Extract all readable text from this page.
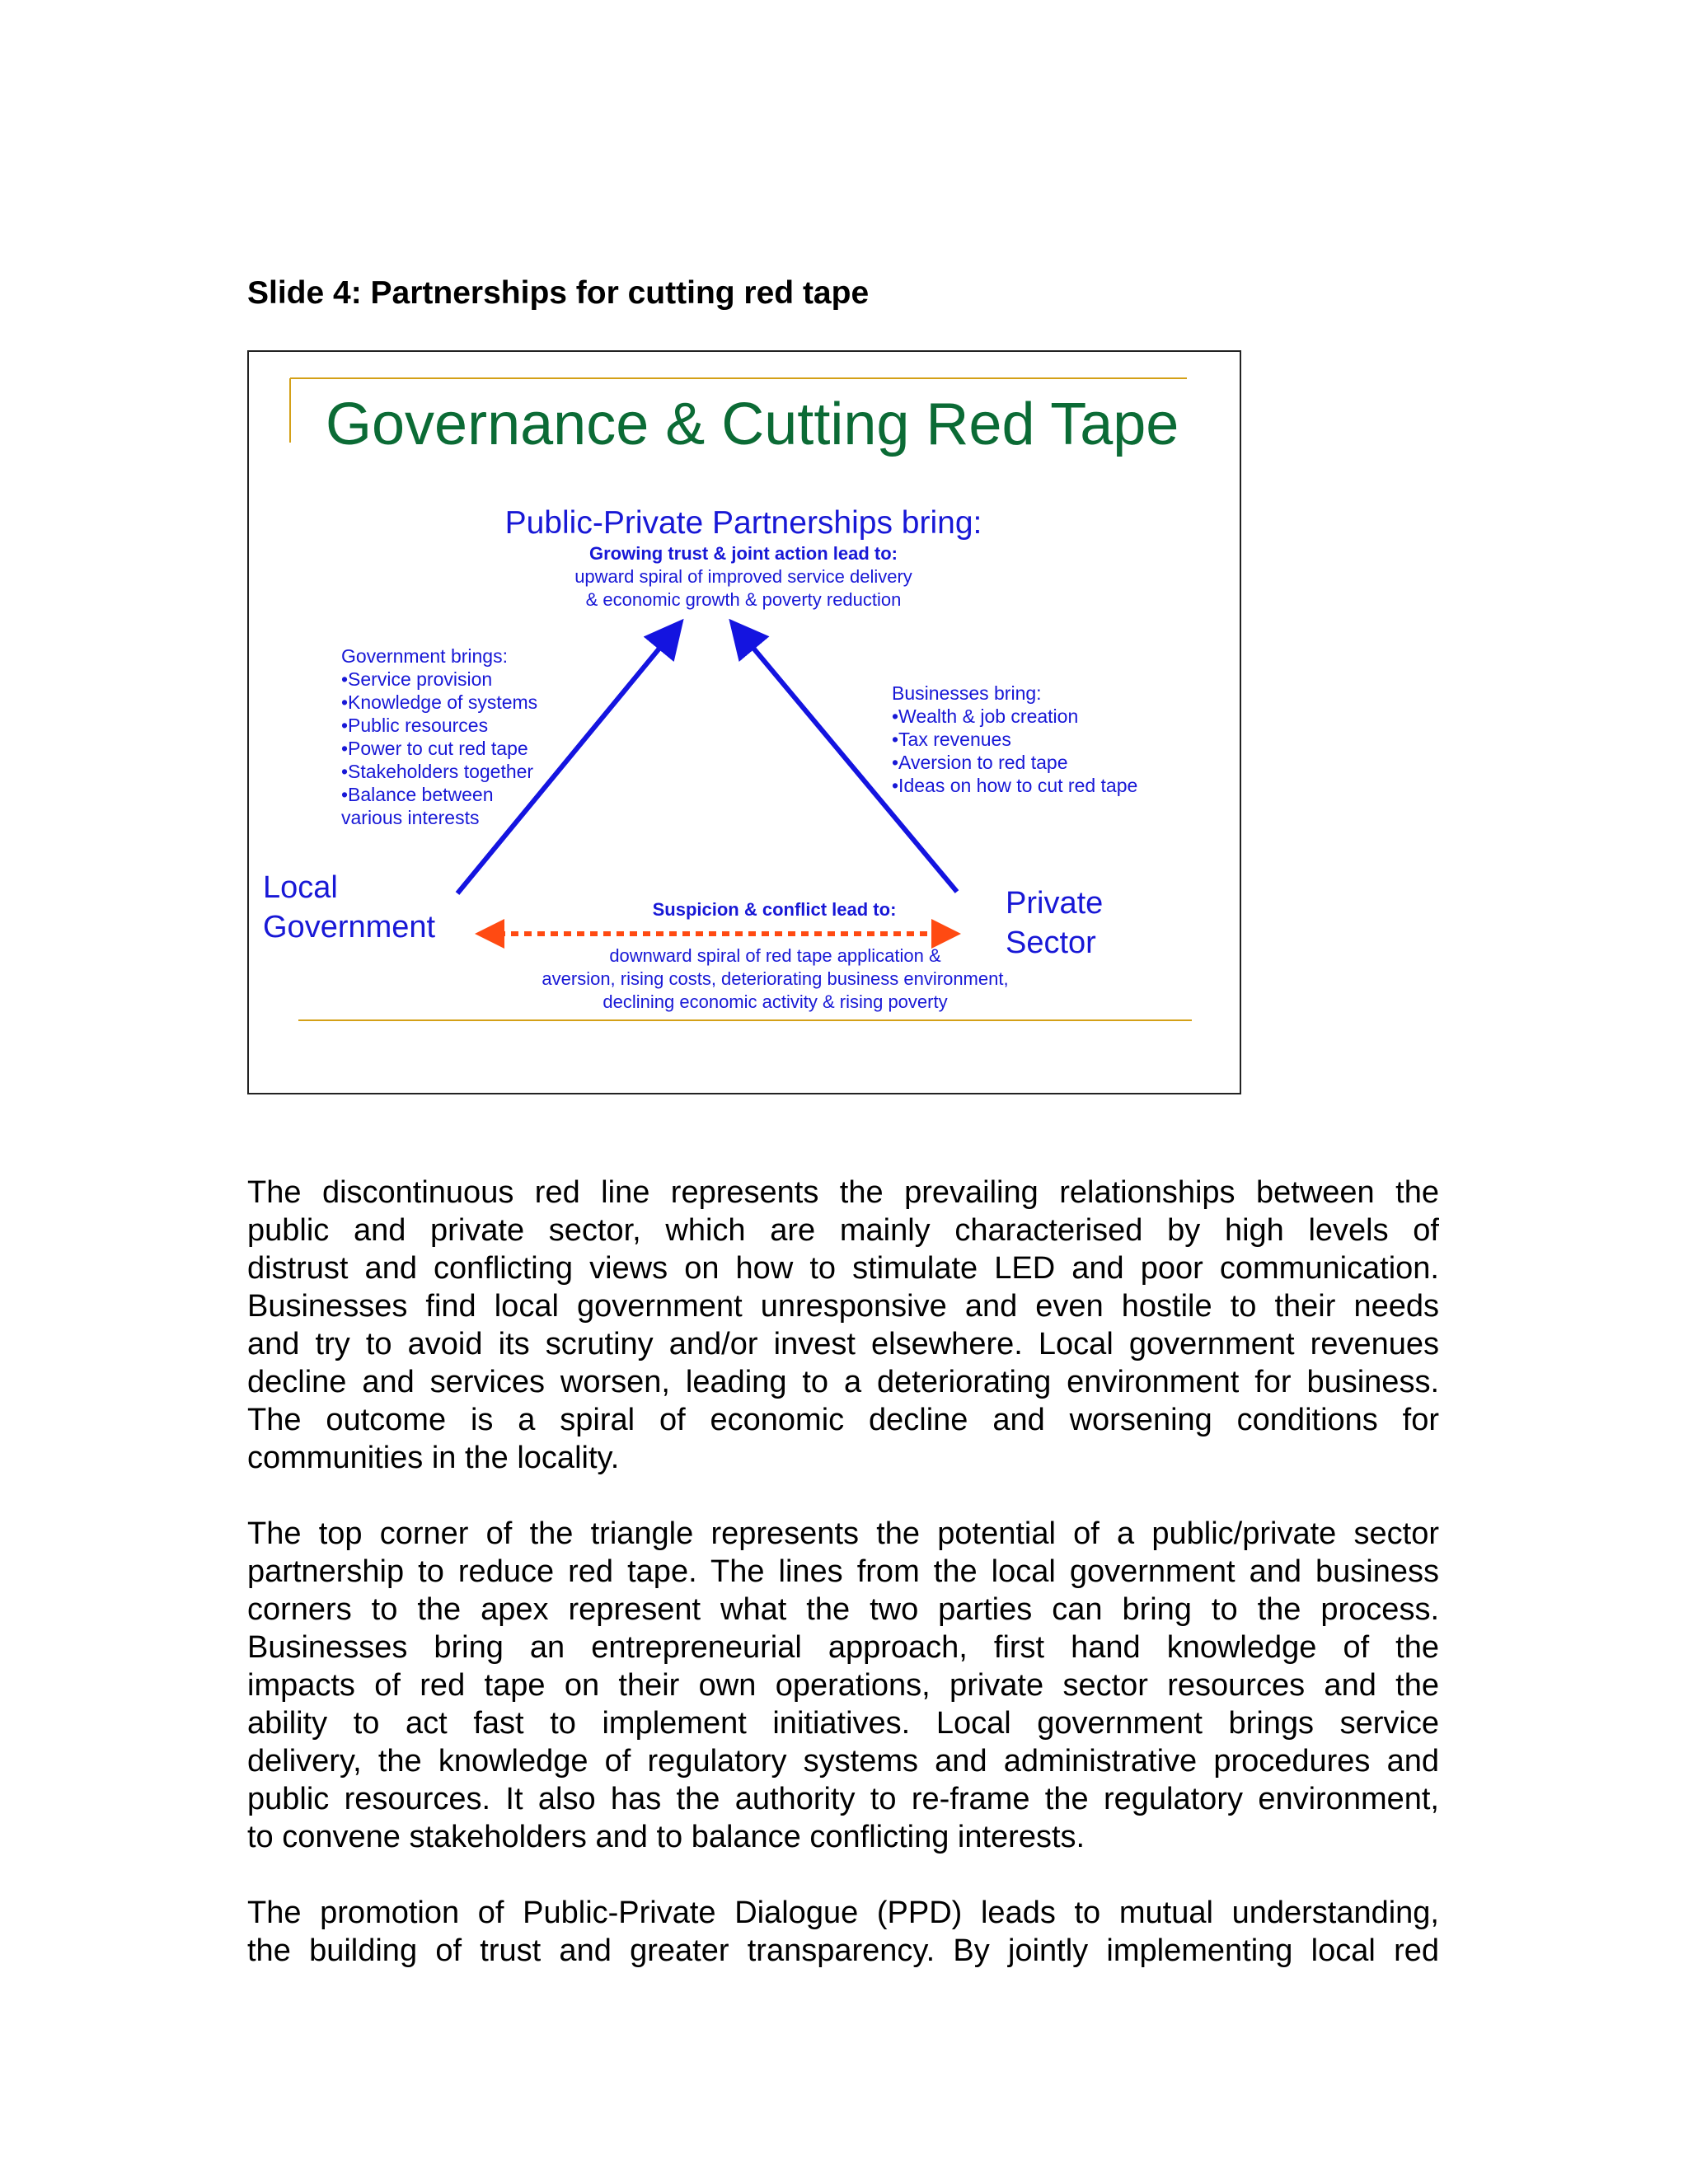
Slide 4: Partnerships for cutting red tape
Governance & Cutting Red Tape
Public-Private Partnerships bring:
Growing trust & joint action lead to:
upward spiral of improved service delivery
& economic growth & poverty reduction
Government brings:
•Service provision
•Knowledge of systems
•Public resources
•Power to cut red tape
•Stakeholders together
•Balance between
various interests
Businesses bring:
•Wealth & job creation
•Tax revenues
•Aversion to red tape
•Ideas on how to cut red tape
Local
Government
Private
Sector
Suspicion & conflict lead to:
downward spiral of red tape application &
aversion, rising costs, deteriorating business environment,
declining economic activity & rising poverty
The discontinuous red line represents the prevailing relationships between the
public and private sector, which are mainly characterised by high levels of
distrust and conflicting views on how to stimulate LED and poor communication.
Businesses find local government unresponsive and even hostile to their needs
and try to avoid its scrutiny and/or invest elsewhere. Local government revenues
decline and services worsen, leading to a deteriorating environment for business.
The outcome is a spiral of economic decline and worsening conditions for
communities in the locality.
The top corner of the triangle represents the potential of a public/private sector
partnership to reduce red tape. The lines from the local government and business
corners to the apex represent what the two parties can bring to the process.
Businesses bring an entrepreneurial approach, first hand knowledge of the
impacts of red tape on their own operations, private sector resources and the
ability to act fast to implement initiatives. Local government brings service
delivery, the knowledge of regulatory systems and administrative procedures and
public resources. It also has the authority to re-frame the regulatory environment,
to convene stakeholders and to balance conflicting interests.
The promotion of Public-Private Dialogue (PPD) leads to mutual understanding,
the building of trust and greater transparency. By jointly implementing local red
